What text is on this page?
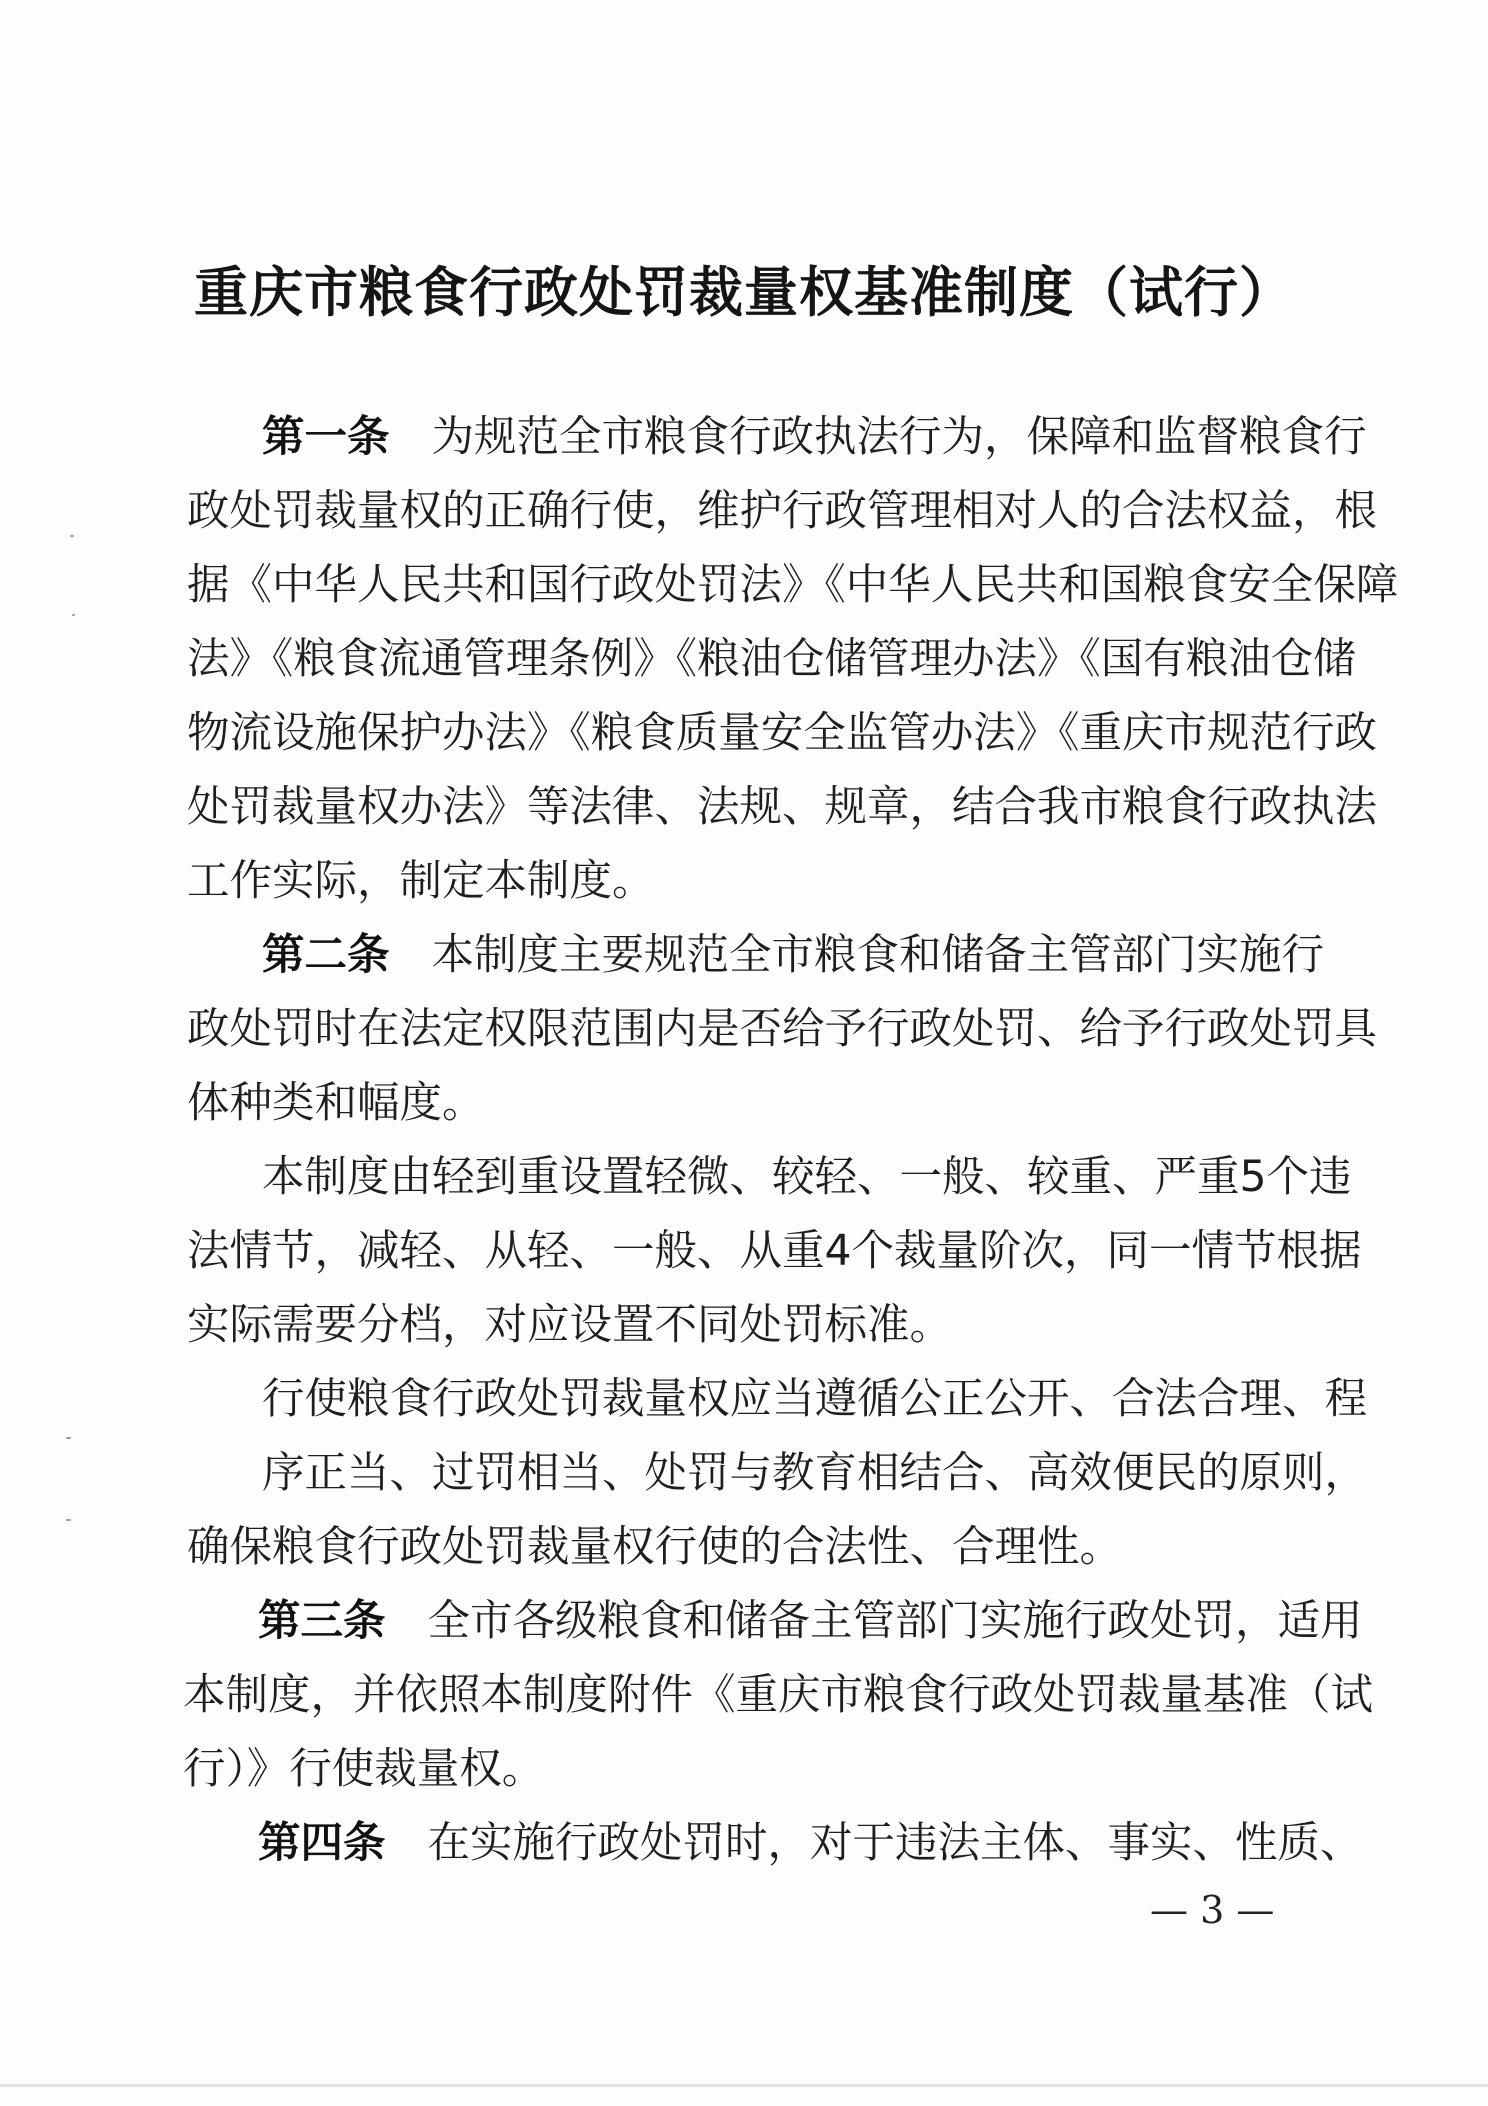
重庆市粮食行政处罚裁量权基准制度（试行）
第一条 为规范全市粮食行政执法行为，保障和监督粮食行
政处罚裁量权的正确行使，维护行政管理相对人的合法权益，根
据《中华人民共和国行政处罚法》《中华人民共和国粮食安全保障
法》《粮食流通管理条例》《粮油仓储管理办法》《国有粮油仓储
物流设施保护办法》《粮食质量安全监管办法》《重庆市规范行政
处罚裁量权办法》等法律、法规、规章，结合我市粮食行政执法
工作实际，制定本制度。
第二条 本制度主要规范全市粮食和储备主管部门实施行
政处罚时在法定权限范围内是否给予行政处罚、给予行政处罚具
体种类和幅度。
本制度由轻到重设置轻微、较轻、一般、较重、严重5个违
法情节，减轻、从轻、一般、从重4个裁量阶次，同一情节根据
实际需要分档，对应设置不同处罚标准。
行使粮食行政处罚裁量权应当遵循公正公开、合法合理、程
序正当、过罚相当、处罚与教育相结合、高效便民的原则，
确保粮食行政处罚裁量权行使的合法性、合理性。
第三条 全市各级粮食和储备主管部门实施行政处罚，适用
本制度，并依照本制度附件《重庆市粮食行政处罚裁量基准（试
行）》行使裁量权。
第四条 在实施行政处罚时，对于违法主体、事实、性质、
— 3 —
